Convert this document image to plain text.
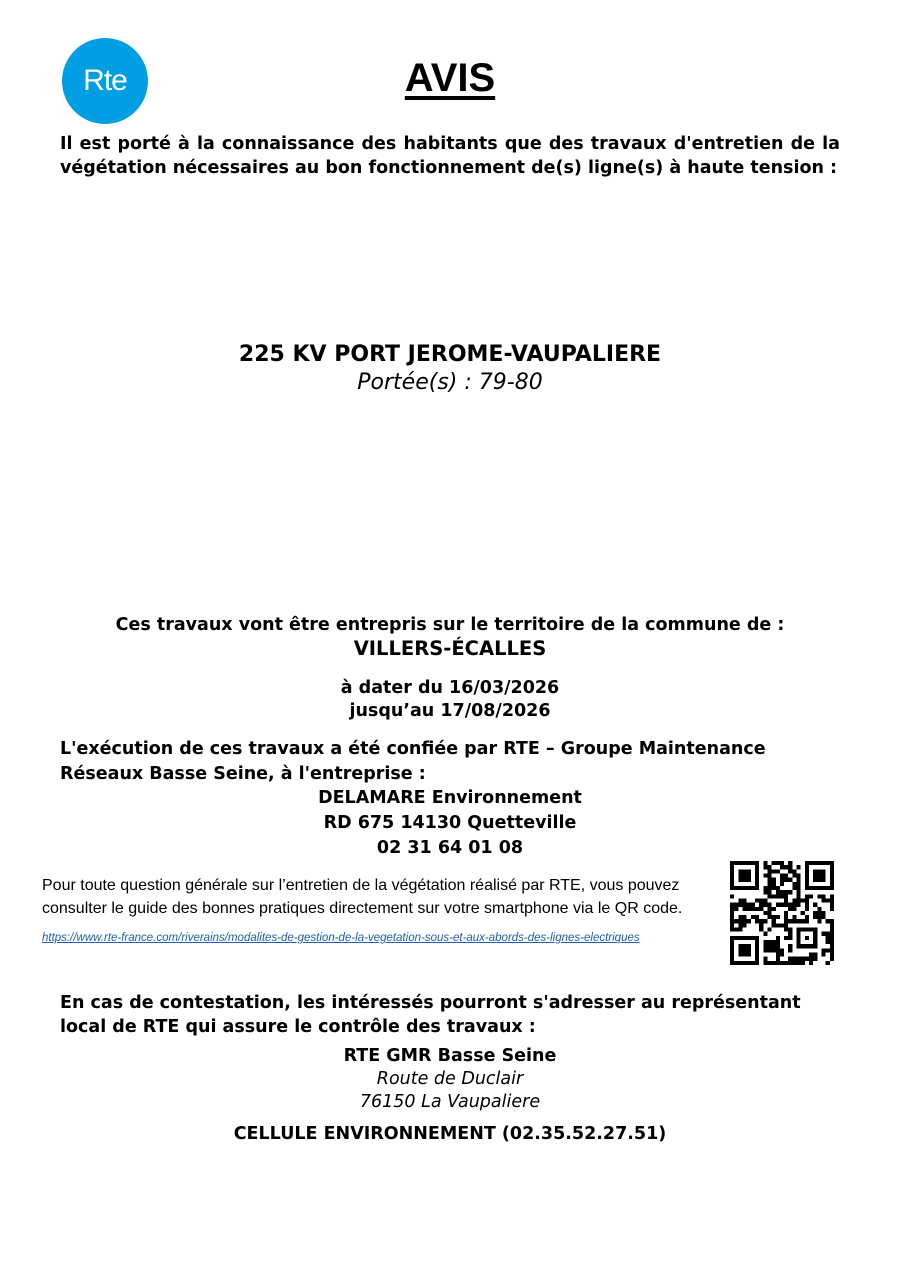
Rte	AVIS
Il est porté à la connaissance des habitants que des travaux d'entretien de la végétation nécessaires au bon fonctionnement de(s) ligne(s) à haute tension :
225 KV PORT JEROME-VAUPALIERE
Portée(s) : 79-80
Ces travaux vont être entrepris sur le territoire de la commune de :
VILLERS-ÉCALLES
à dater du 16/03/2026
jusqu’au 17/08/2026
L'exécution de ces travaux a été confiée par RTE – Groupe Maintenance Réseaux Basse Seine, à l'entreprise :
DELAMARE Environnement
RD 675 14130 Quetteville
02 31 64 01 08
Pour toute question générale sur l’entretien de la végétation réalisé par RTE, vous pouvez consulter le guide des bonnes pratiques directement sur votre smartphone via le QR code.
https://www.rte-france.com/riverains/modalites-de-gestion-de-la-vegetation-sous-et-aux-abords-des-lignes-electriques
En cas de contestation, les intéressés pourront s'adresser au représentant local de RTE qui assure le contrôle des travaux :
RTE GMR Basse Seine
Route de Duclair
76150 La Vaupaliere
CELLULE ENVIRONNEMENT (02.35.52.27.51)
